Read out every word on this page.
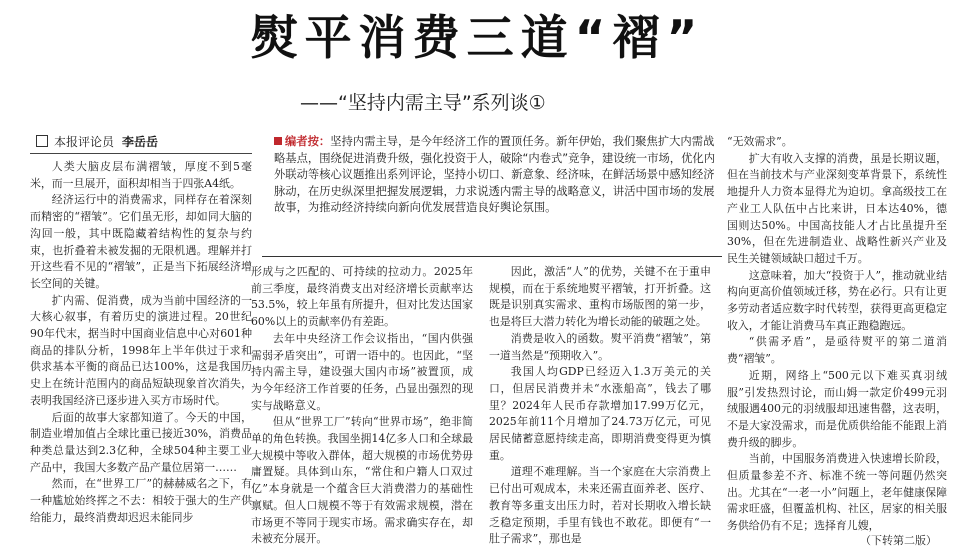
熨平消费三道“褶”
——“坚持内需主导”系列谈①
本报评论员 李岳岳	编者按：坚持内需主导，是今年经济工作的置顶任务。新年伊始，我们聚焦扩大内需战略基点，围绕促进消费升级，强化投资于人，破除“内卷式”竞争，建设统一市场，优化内外联动等核心议题推出系列评论，坚持小切口、新意象、经济味，在鲜活场景中感知经济脉动，在历史纵深里把握发展逻辑，力求说透内需主导的战略意义，讲活中国市场的发展故事，为推动经济持续向新向优发展营造良好舆论氛围。

人类大脑皮层布满褶皱，厚度不到5毫米，而一旦展开，面积却相当于四张A4纸。

经济运行中的消费需求，同样存在着深刻而精密的“褶皱”。它们虽无形，却如同大脑的沟回一般，其中既隐藏着结构性的复杂与约束，也折叠着未被发掘的无限机遇。理解并打开这些看不见的“褶皱”，正是当下拓展经济增长空间的关键。

扩内需、促消费，成为当前中国经济的一大核心叙事，有着历史的演进过程。20世纪90年代末，据当时中国商业信息中心对601种商品的排队分析，1998年上半年供过于求和供求基本平衡的商品已达100%，这是我国历史上在统计范围内的商品短缺现象首次消失，表明我国经济已逐步进入买方市场时代。

后面的故事大家都知道了。今天的中国，制造业增加值占全球比重已接近30%，消费品种类总量达到2.3亿种，全球504种主要工业产品中，我国大多数产品产量位居第一……

然而，在“世界工厂”的赫赫威名之下，有一种尴尬始终挥之不去：相较于强大的生产供给能力，最终消费却迟迟未能同步

形成与之匹配的、可持续的拉动力。2025年前三季度，最终消费支出对经济增长贡献率达53.5%，较上年虽有所提升，但对比发达国家60%以上的贡献率仍有差距。

去年中央经济工作会议指出，“国内供强需弱矛盾突出”，可谓一语中的。也因此，“坚持内需主导，建设强大国内市场”被置顶，成为今年经济工作首要的任务，凸显出强烈的现实与战略意义。

但从“世界工厂”转向“世界市场”，绝非简单的角色转换。我国坐拥14亿多人口和全球最大规模中等收入群体，超大规模的市场优势毋庸置疑。具体到山东，“常住和户籍人口双过亿”本身就是一个蕴含巨大消费潜力的基础性禀赋。但人口规模不等于有效需求规模，潜在市场更不等同于现实市场。需求确实存在，却未被充分展开。

因此，激活“人”的优势，关键不在于重申规模，而在于系统地熨平褶皱，打开折叠。这既是识别真实需求、重构市场版图的第一步，也是将巨大潜力转化为增长动能的破题之处。

消费是收入的函数。熨平消费“褶皱”，第一道当然是“预期收入”。

我国人均GDP已经迈入1.3万美元的关口，但居民消费并未“水涨船高”，钱去了哪里？2024年人民币存款增加17.99万亿元，2025年前11个月增加了24.73万亿元，可见居民储蓄意愿持续走高，即期消费变得更为慎重。

道理不难理解。当一个家庭在大宗消费上已付出可观成本，未来还需直面养老、医疗、教育等多重支出压力时，若对长期收入增长缺乏稳定预期，手里有钱也不敢花。即便有“一肚子需求”，那也是

“无效需求”。

扩大有收入支撑的消费，虽是长期议题，但在当前技术与产业深刻变革背景下，系统性地提升人力资本显得尤为迫切。拿高级技工在产业工人队伍中占比来讲，日本达40%，德国则达50%。中国高技能人才占比虽提升至30%，但在先进制造业、战略性新兴产业及民生关键领域缺口超过千万。

这意味着，加大“投资于人”，推动就业结构向更高价值领域迁移，势在必行。只有让更多劳动者适应数字时代转型，获得更高更稳定收入，才能让消费马车真正跑稳跑远。

“供需矛盾”，是亟待熨平的第二道消费“褶皱”。

近期，网络上“500元以下难买真羽绒服”引发热烈讨论，而山姆一款定价499元羽绒服遇400元的羽绒服却迅速售罄，这表明，不是大家没需求，而是优质供给能不能跟上消费升级的脚步。

当前，中国服务消费进入快速增长阶段，但质量参差不齐、标准不统一等问题仍然突出。尤其在“一老一小”问题上，老年健康保障需求旺盛，但覆盖机构、社区，居家的相关服务供给仍有不足；选择育儿嫂，

（下转第二版）
